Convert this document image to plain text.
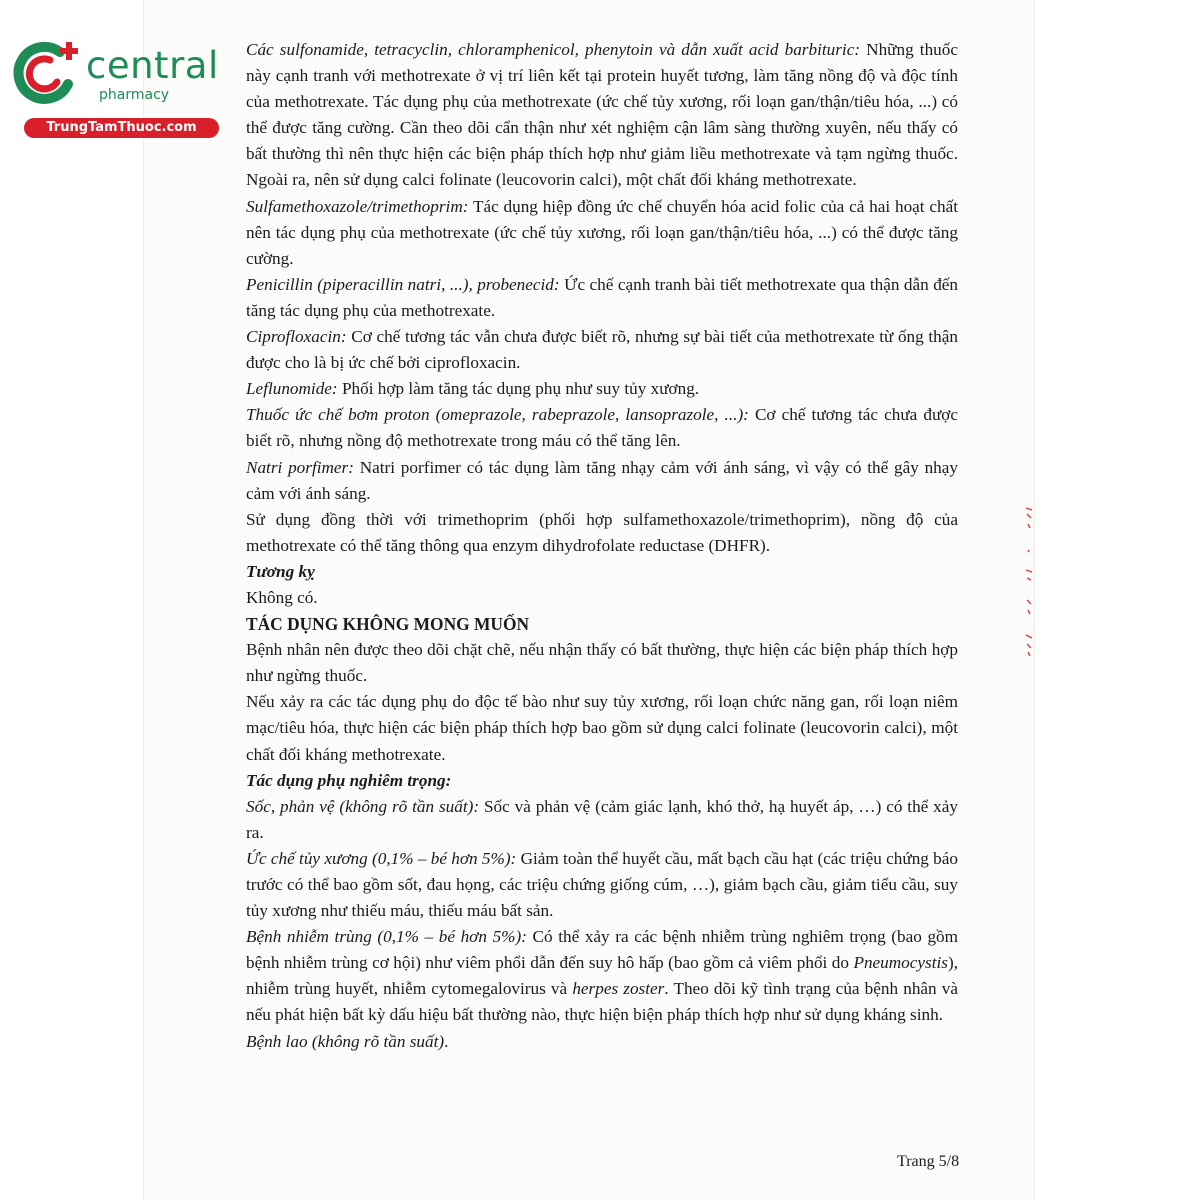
central
pharmacy
TrungTamThuoc.com

Các sulfonamide, tetracyclin, chloramphenicol, phenytoin và dẫn xuất acid barbituric: Những thuốc này cạnh tranh với methotrexate ở vị trí liên kết tại protein huyết tương, làm tăng nồng độ và độc tính của methotrexate. Tác dụng phụ của methotrexate (ức chế tủy xương, rối loạn gan/thận/tiêu hóa, ...) có thể được tăng cường. Cần theo dõi cẩn thận như xét nghiệm cận lâm sàng thường xuyên, nếu thấy có bất thường thì nên thực hiện các biện pháp thích hợp như giảm liều methotrexate và tạm ngừng thuốc. Ngoài ra, nên sử dụng calci folinate (leucovorin calci), một chất đối kháng methotrexate.

Sulfamethoxazole/trimethoprim: Tác dụng hiệp đồng ức chế chuyển hóa acid folic của cả hai hoạt chất nên tác dụng phụ của methotrexate (ức chế tủy xương, rối loạn gan/thận/tiêu hóa, ...) có thể được tăng cường.

Penicillin (piperacillin natri, ...), probenecid: Ức chế cạnh tranh bài tiết methotrexate qua thận dẫn đến tăng tác dụng phụ của methotrexate.

Ciprofloxacin: Cơ chế tương tác vẫn chưa được biết rõ, nhưng sự bài tiết của methotrexate từ ống thận được cho là bị ức chế bởi ciprofloxacin.

Leflunomide: Phối hợp làm tăng tác dụng phụ như suy tủy xương.

Thuốc ức chế bơm proton (omeprazole, rabeprazole, lansoprazole, ...): Cơ chế tương tác chưa được biết rõ, nhưng nồng độ methotrexate trong máu có thể tăng lên.

Natri porfimer: Natri porfimer có tác dụng làm tăng nhạy cảm với ánh sáng, vì vậy có thể gây nhạy cảm với ánh sáng.

Sử dụng đồng thời với trimethoprim (phối hợp sulfamethoxazole/trimethoprim), nồng độ của methotrexate có thể tăng thông qua enzym dihydrofolate reductase (DHFR).

Tương kỵ

Không có.

TÁC DỤNG KHÔNG MONG MUỐN

Bệnh nhân nên được theo dõi chặt chẽ, nếu nhận thấy có bất thường, thực hiện các biện pháp thích hợp như ngừng thuốc.

Nếu xảy ra các tác dụng phụ do độc tế bào như suy tủy xương, rối loạn chức năng gan, rối loạn niêm mạc/tiêu hóa, thực hiện các biện pháp thích hợp bao gồm sử dụng calci folinate (leucovorin calci), một chất đối kháng methotrexate.

Tác dụng phụ nghiêm trọng:

Sốc, phản vệ (không rõ tần suất): Sốc và phản vệ (cảm giác lạnh, khó thở, hạ huyết áp, …) có thể xảy ra.

Ức chế tủy xương (0,1% – bé hơn 5%): Giảm toàn thể huyết cầu, mất bạch cầu hạt (các triệu chứng báo trước có thể bao gồm sốt, đau họng, các triệu chứng giống cúm, …), giảm bạch cầu, giảm tiểu cầu, suy tủy xương như thiếu máu, thiếu máu bất sản.

Bệnh nhiễm trùng (0,1% – bé hơn 5%): Có thể xảy ra các bệnh nhiễm trùng nghiêm trọng (bao gồm bệnh nhiễm trùng cơ hội) như viêm phổi dẫn đến suy hô hấp (bao gồm cả viêm phổi do Pneumocystis), nhiễm trùng huyết, nhiễm cytomegalovirus và herpes zoster. Theo dõi kỹ tình trạng của bệnh nhân và nếu phát hiện bất kỳ dấu hiệu bất thường nào, thực hiện biện pháp thích hợp như sử dụng kháng sinh.

Bệnh lao (không rõ tần suất).

Trang 5/8
